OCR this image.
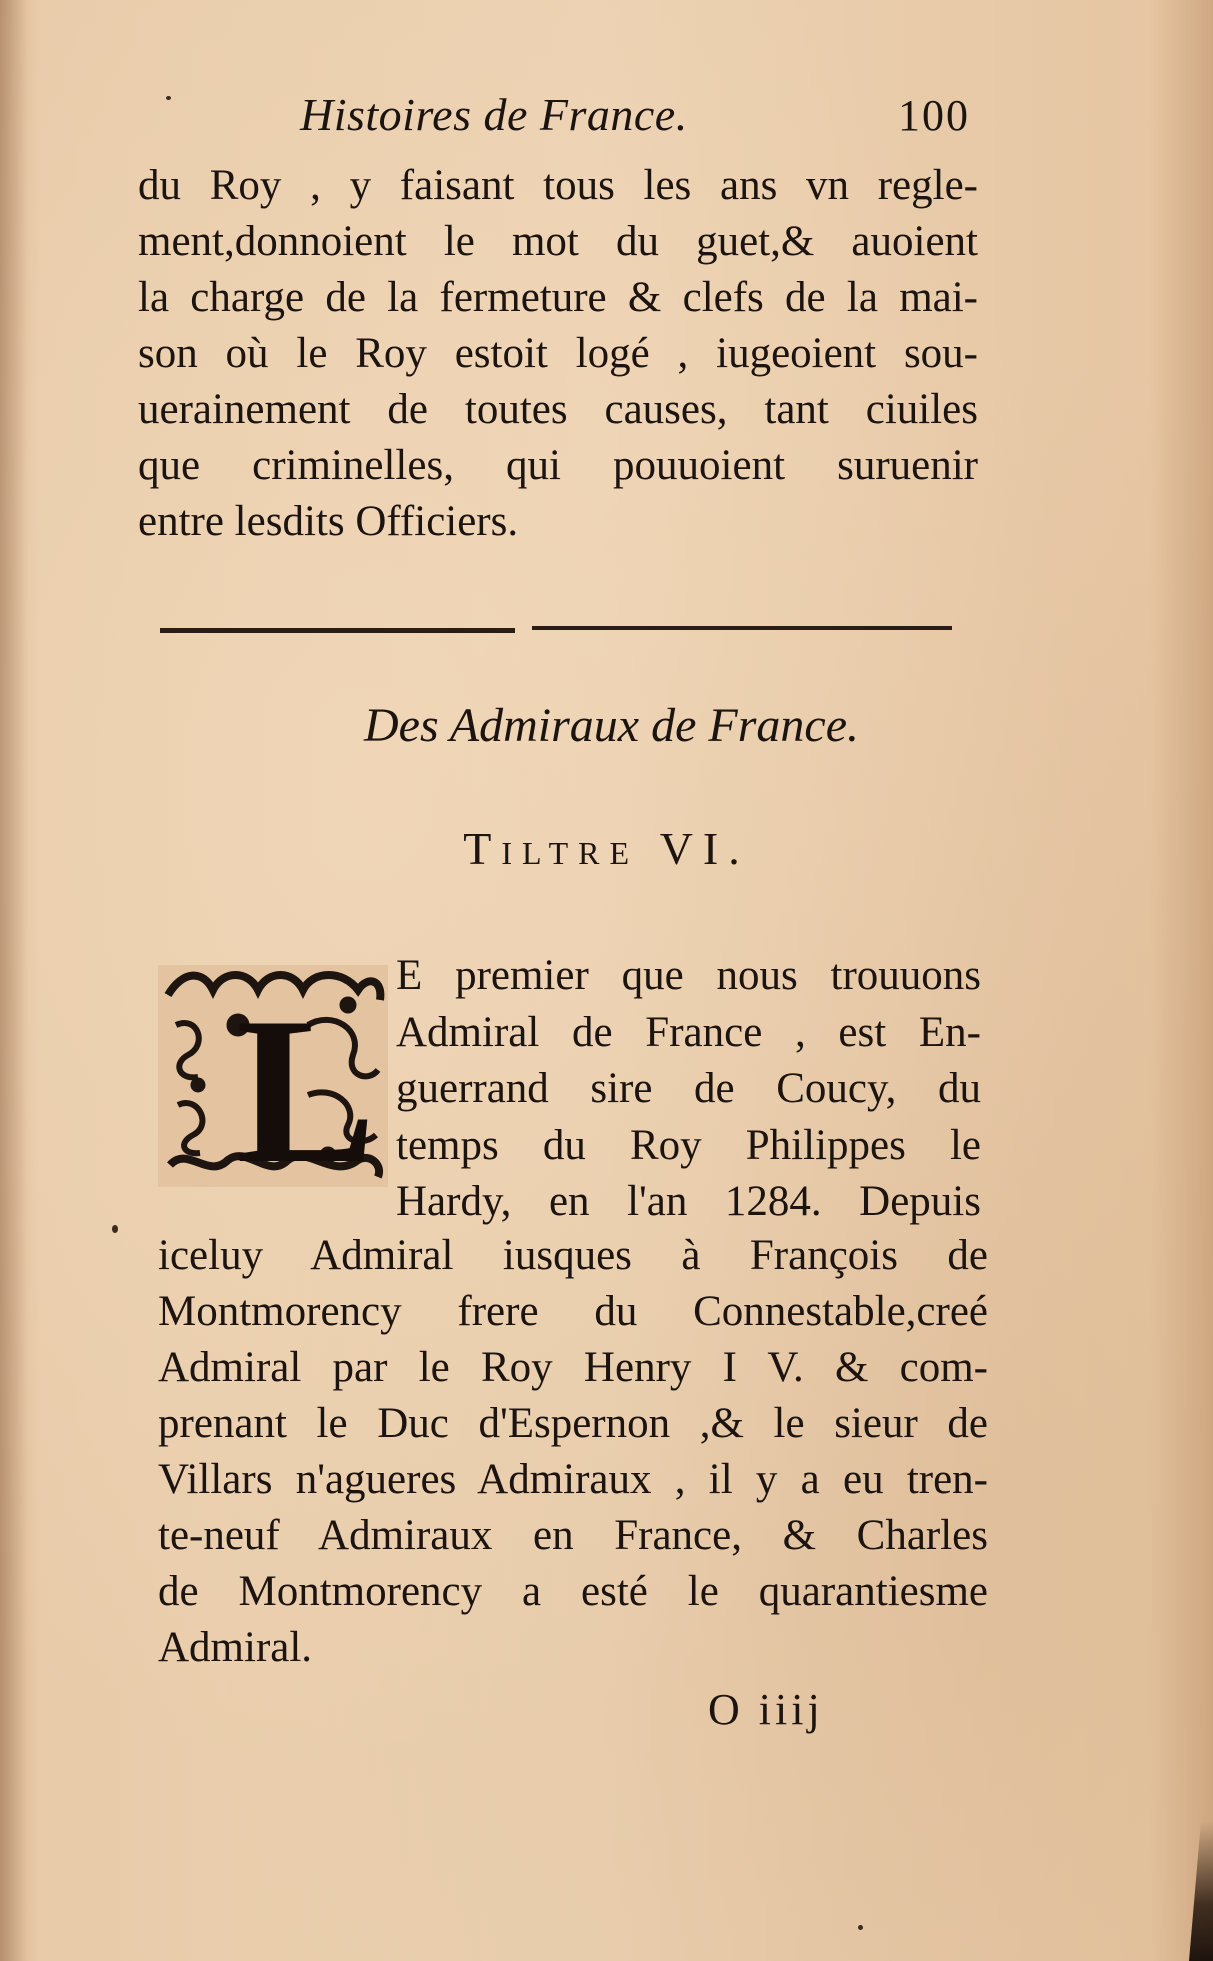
Histoires de France.	100
du Roy , y faisant tous les ans vn regle-
ment,donnoient le mot du guet,& auoient
la charge de la fermeture & clefs de la mai-
son où le Roy estoit logé , iugeoient sou-
uerainement de toutes causes, tant ciuiles
que criminelles, qui pouuoient suruenir
entre lesdits Officiers.
Des Admiraux de France.
Tiltre VI.
L E premier que nous trouuons
Admiral de France , est En-
guerrand sire de Coucy, du
temps du Roy Philippes le
Hardy, en l'an 1284. Depuis
iceluy Admiral iusques à François de
Montmorency frere du Connestable,creé
Admiral par le Roy Henry I V. & com-
prenant le Duc d'Espernon ,& le sieur de
Villars n'agueres Admiraux , il y a eu tren-
te-neuf Admiraux en France, & Charles
de Montmorency a esté le quarantiesme
Admiral.
O iiij
